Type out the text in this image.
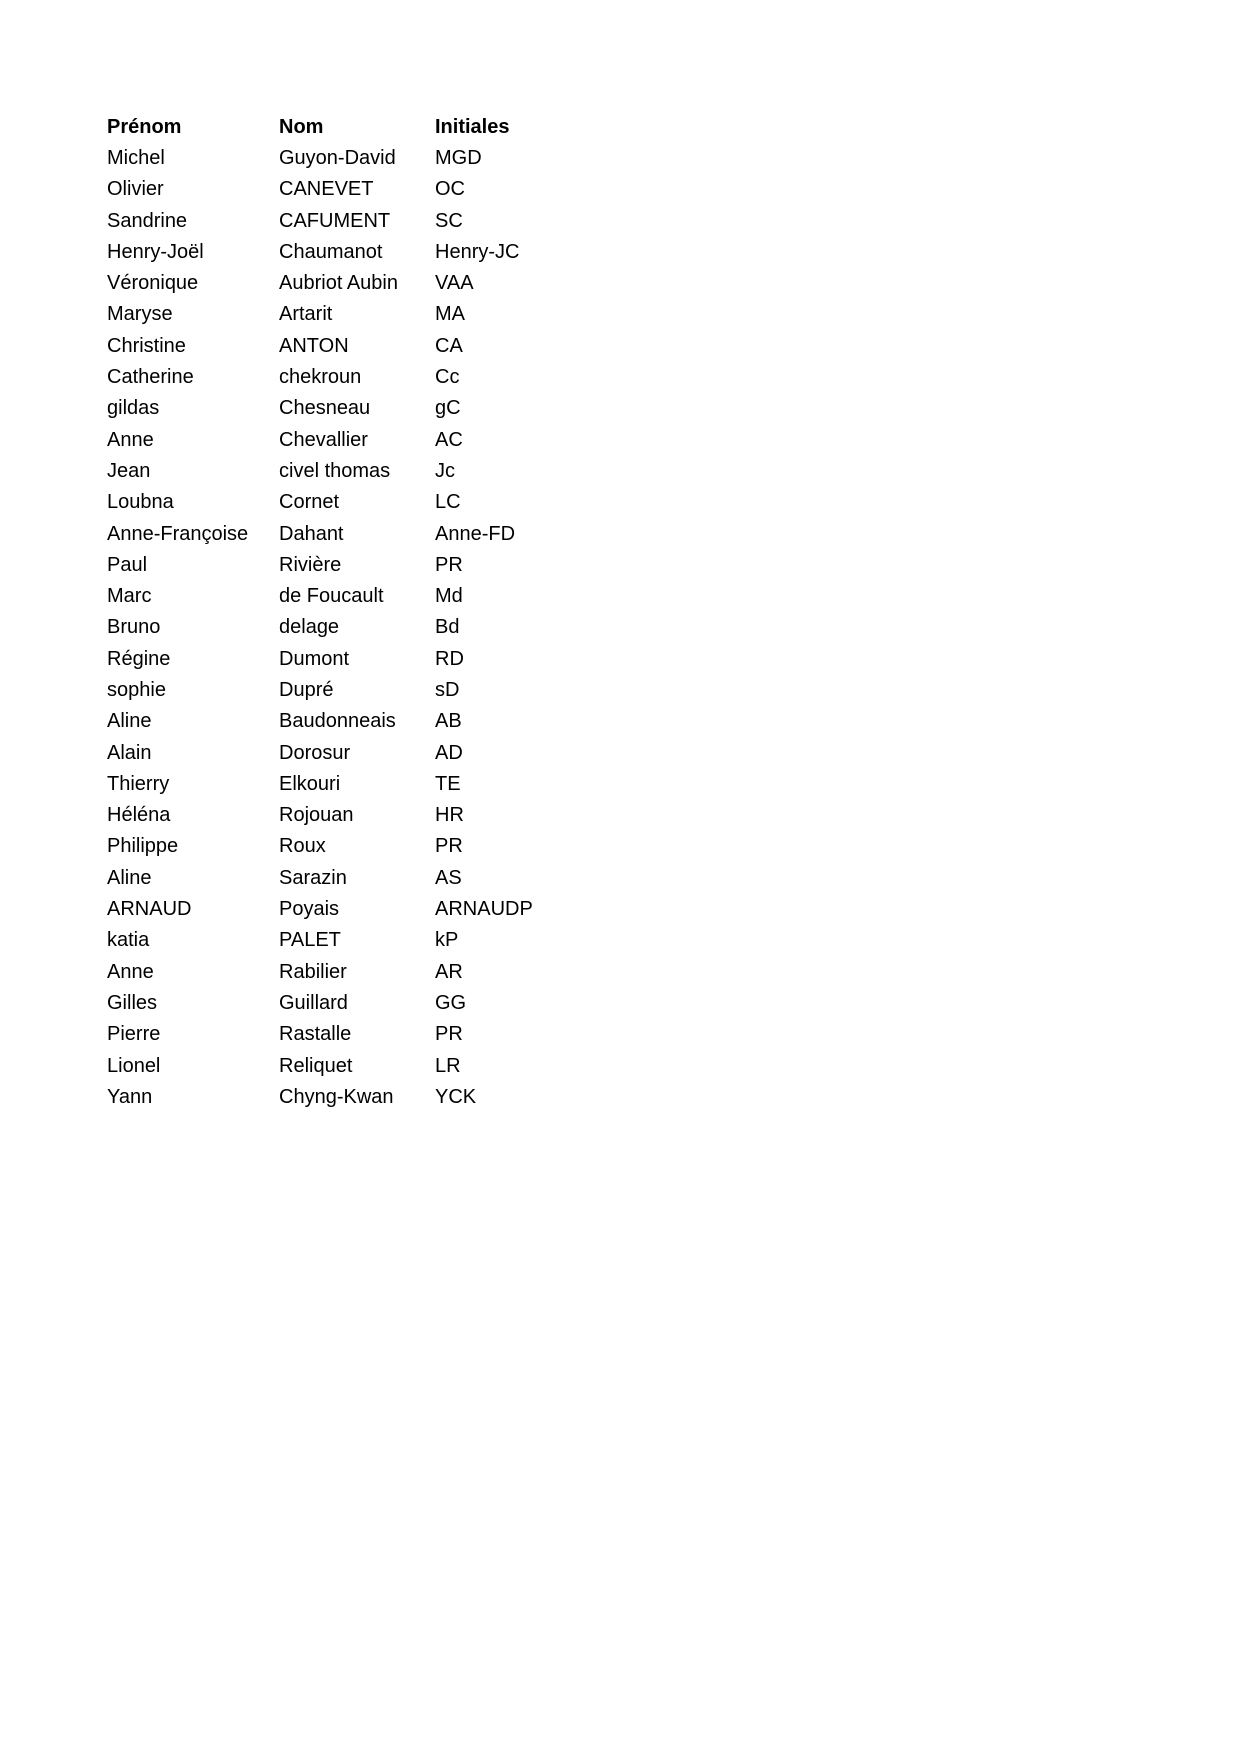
Prénom	Nom	Initiales
Michel	Guyon-David	MGD
Olivier	CANEVET	OC
Sandrine	CAFUMENT	SC
Henry-Joël	Chaumanot	Henry-JC
Véronique	Aubriot Aubin	VAA
Maryse	Artarit	MA
Christine	ANTON	CA
Catherine	chekroun	Cc
gildas	Chesneau	gC
Anne	Chevallier	AC
Jean	civel thomas	Jc
Loubna	Cornet	LC
Anne-Françoise	Dahant	Anne-FD
Paul	Rivière	PR
Marc	de Foucault	Md
Bruno	delage	Bd
Régine	Dumont	RD
sophie	Dupré	sD
Aline	Baudonneais	AB
Alain	Dorosur	AD
Thierry	Elkouri	TE
Héléna	Rojouan	HR
Philippe	Roux	PR
Aline	Sarazin	AS
ARNAUD	Poyais	ARNAUDP
katia	PALET	kP
Anne	Rabilier	AR
Gilles	Guillard	GG
Pierre	Rastalle	PR
Lionel	Reliquet	LR
Yann	Chyng-Kwan	YCK
